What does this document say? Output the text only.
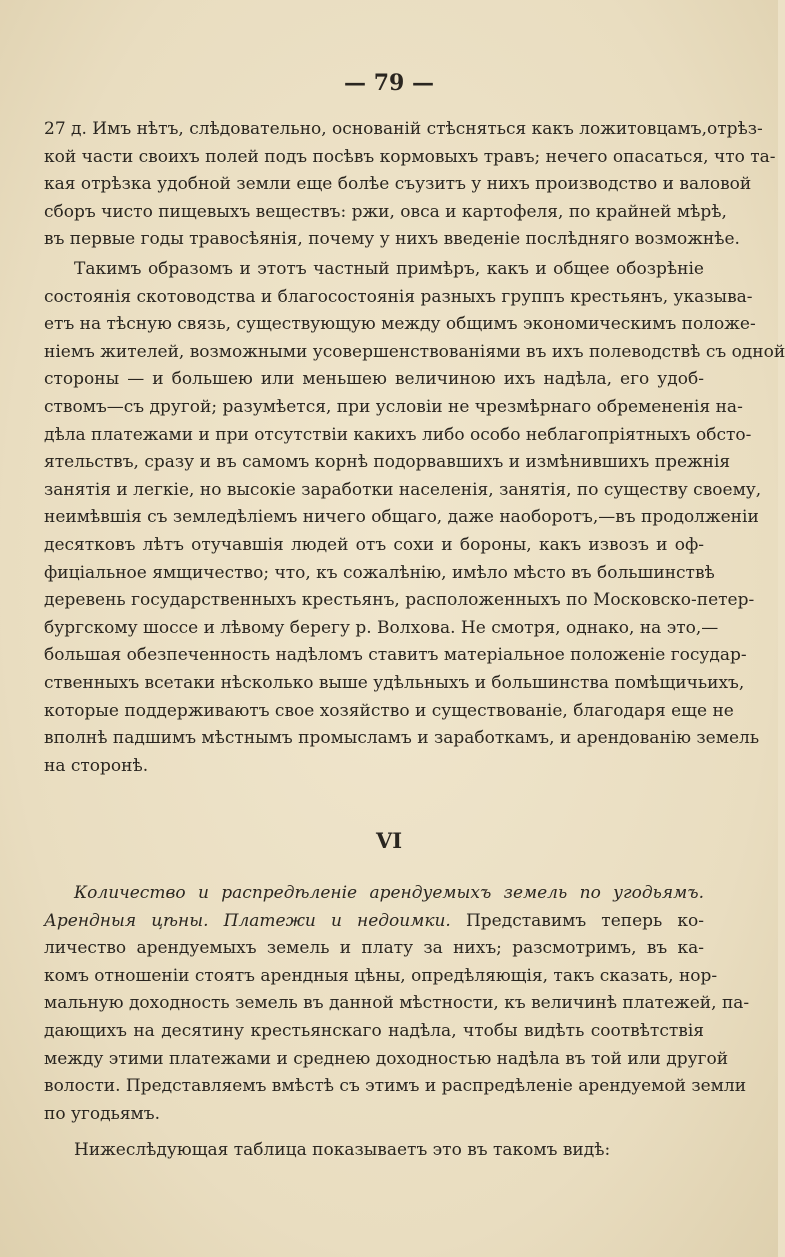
— 79 —
27 д. Имъ нѣтъ, слѣдовательно, основаній стѣсняться какъ ложитовцамъ,отрѣз-
кой части своихъ полей подъ посѣвъ кормовыхъ травъ; нечего опасаться, что та-
кая отрѣзка удобной земли еще болѣе съузитъ у нихъ производство и валовой
сборъ чисто пищевыхъ веществъ: ржи, овса и картофеля, по крайней мѣрѣ,
въ первые годы травосѣянія, почему у нихъ введеніе послѣдняго возможнѣе.
Такимъ образомъ и этотъ частный примѣръ, какъ и общее обозрѣніе
состоянія скотоводства и благосостоянія разныхъ группъ крестьянъ, указыва-
етъ на тѣсную связь, существующую между общимъ экономическимъ положе-
ніемъ жителей, возможными усовершенствованіями въ ихъ полеводствѣ съ одной
стороны — и большею или меньшею величиною ихъ надѣла, его удоб-
ствомъ—съ другой; разумѣется, при условіи не чрезмѣрнаго обремененія на-
дѣла платежами и при отсутствіи какихъ либо особо неблагопріятныхъ обсто-
ятельствъ, сразу и въ самомъ корнѣ подорвавшихъ и измѣнившихъ прежнія
занятія и легкіе, но высокіе заработки населенія, занятія, по существу своему,
неимѣвшія съ земледѣліемъ ничего общаго, даже наоборотъ,—въ продолженіи
десятковъ лѣтъ отучавшія людей отъ сохи и бороны, какъ извозъ и оф-
фиціальное ямщичество; что, къ сожалѣнію, имѣло мѣсто въ большинствѣ
деревень государственныхъ крестьянъ, расположенныхъ по Московско-петер-
бургскому шоссе и лѣвому берегу р. Волхова. Не смотря, однако, на это,—
большая обезпеченность надѣломъ ставитъ матеріальное положеніе государ-
ственныхъ всетаки нѣсколько выше удѣльныхъ и большинства помѣщичьихъ,
которые поддерживаютъ свое хозяйство и существованіе, благодаря еще не
вполнѣ падшимъ мѣстнымъ промысламъ и заработкамъ, и арендованію земель
на сторонѣ.
VI
Количество и распредѣленіе арендуемыхъ земель по угодьямъ.
Арендныя цѣны. Платежи и недоимки. Представимъ теперь ко-
личество арендуемыхъ земель и плату за нихъ; разсмотримъ, въ ка-
комъ отношеніи стоятъ арендныя цѣны, опредѣляющія, такъ сказать, нор-
мальную доходность земель въ данной мѣстности, къ величинѣ платежей, па-
дающихъ на десятину крестьянскаго надѣла, чтобы видѣть соотвѣтствія
между этими платежами и среднею доходностью надѣла въ той или другой
волости. Представляемъ вмѣстѣ съ этимъ и распредѣленіе арендуемой земли
по угодьямъ.
Нижеслѣдующая таблица показываетъ это въ такомъ видѣ:
